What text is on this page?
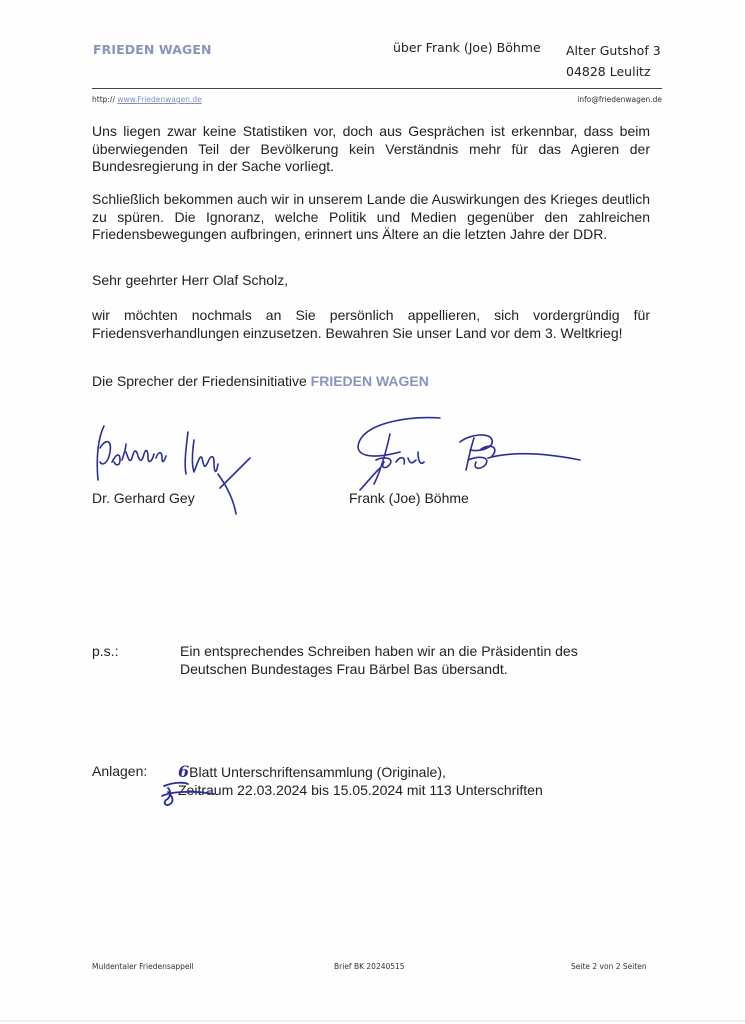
FRIEDEN WAGEN	über Frank (Joe) Böhme Alter Gutshof 3
04828 Leulitz
http:// www.Friedenwagen.de	info@friedenwagen.de

Uns liegen zwar keine Statistiken vor, doch aus Gesprächen ist erkennbar, dass beim überwiegenden Teil der Bevölkerung kein Verständnis mehr für das Agieren der Bundesregierung in der Sache vorliegt.

Schließlich bekommen auch wir in unserem Lande die Auswirkungen des Krieges deutlich zu spüren. Die Ignoranz, welche Politik und Medien gegenüber den zahlreichen Friedensbewegungen aufbringen, erinnert uns Ältere an die letzten Jahre der DDR.

Sehr geehrter Herr Olaf Scholz,

wir möchten nochmals an Sie persönlich appellieren, sich vordergründig für Friedensverhandlungen einzusetzen. Bewahren Sie unser Land vor dem 3. Weltkrieg!

Die Sprecher der Friedensinitiative FRIEDEN WAGEN
Dr. Gerhard Gey	Frank (Joe) Böhme
p.s.:	Ein entsprechendes Schreiben haben wir an die Präsidentin des
Deutschen Bundestages Frau Bärbel Bas übersandt.
Anlagen: 6Blatt Unterschriftensammlung (Originale),
Zeitraum 22.03.2024 bis 15.05.2024 mit 113 Unterschriften
Muldentaler Friedensappell	Brief BK 20240515	Seite 2 von 2 Seiten
